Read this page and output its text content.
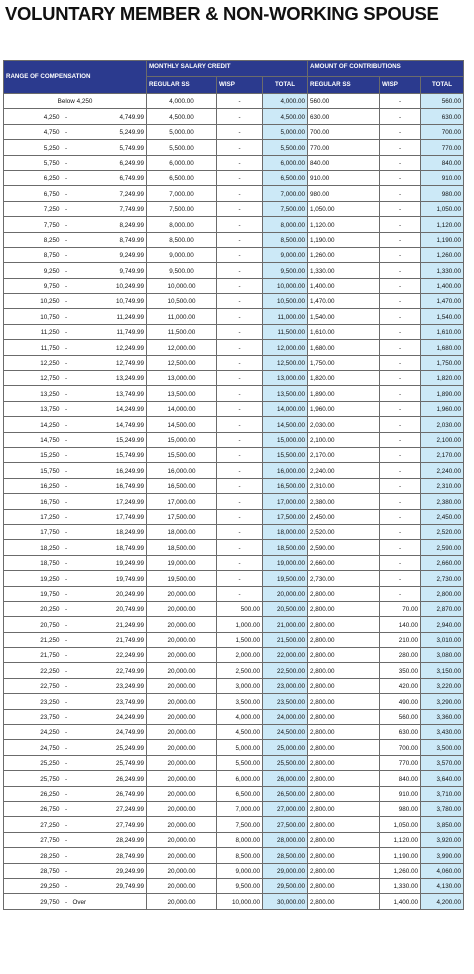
VOLUNTARY MEMBER & NON-WORKING SPOUSE
RANGE OF COMPENSATION			MONTHLY SALARY CREDIT			AMOUNT OF CONTRIBUTIONS		
			REGULAR SS	WISP	TOTAL	REGULAR SS	WISP	TOTAL
Below 4,250			4,000.00	-	4,000.00	560.00	-	560.00
4,250	-	4,749.99	4,500.00	-	4,500.00	630.00	-	630.00
4,750	-	5,249.99	5,000.00	-	5,000.00	700.00	-	700.00
5,250	-	5,749.99	5,500.00	-	5,500.00	770.00	-	770.00
5,750	-	6,249.99	6,000.00	-	6,000.00	840.00	-	840.00
6,250	-	6,749.99	6,500.00	-	6,500.00	910.00	-	910.00
6,750	-	7,249.99	7,000.00	-	7,000.00	980.00	-	980.00
7,250	-	7,749.99	7,500.00	-	7,500.00	1,050.00	-	1,050.00
7,750	-	8,249.99	8,000.00	-	8,000.00	1,120.00	-	1,120.00
8,250	-	8,749.99	8,500.00	-	8,500.00	1,190.00	-	1,190.00
8,750	-	9,249.99	9,000.00	-	9,000.00	1,260.00	-	1,260.00
9,250	-	9,749.99	9,500.00	-	9,500.00	1,330.00	-	1,330.00
9,750	-	10,249.99	10,000.00	-	10,000.00	1,400.00	-	1,400.00
10,250	-	10,749.99	10,500.00	-	10,500.00	1,470.00	-	1,470.00
10,750	-	11,249.99	11,000.00	-	11,000.00	1,540.00	-	1,540.00
11,250	-	11,749.99	11,500.00	-	11,500.00	1,610.00	-	1,610.00
11,750	-	12,249.99	12,000.00	-	12,000.00	1,680.00	-	1,680.00
12,250	-	12,749.99	12,500.00	-	12,500.00	1,750.00	-	1,750.00
12,750	-	13,249.99	13,000.00	-	13,000.00	1,820.00	-	1,820.00
13,250	-	13,749.99	13,500.00	-	13,500.00	1,890.00	-	1,890.00
13,750	-	14,249.99	14,000.00	-	14,000.00	1,960.00	-	1,960.00
14,250	-	14,749.99	14,500.00	-	14,500.00	2,030.00	-	2,030.00
14,750	-	15,249.99	15,000.00	-	15,000.00	2,100.00	-	2,100.00
15,250	-	15,749.99	15,500.00	-	15,500.00	2,170.00	-	2,170.00
15,750	-	16,249.99	16,000.00	-	16,000.00	2,240.00	-	2,240.00
16,250	-	16,749.99	16,500.00	-	16,500.00	2,310.00	-	2,310.00
16,750	-	17,249.99	17,000.00	-	17,000.00	2,380.00	-	2,380.00
17,250	-	17,749.99	17,500.00	-	17,500.00	2,450.00	-	2,450.00
17,750	-	18,249.99	18,000.00	-	18,000.00	2,520.00	-	2,520.00
18,250	-	18,749.99	18,500.00	-	18,500.00	2,590.00	-	2,590.00
18,750	-	19,249.99	19,000.00	-	19,000.00	2,660.00	-	2,660.00
19,250	-	19,749.99	19,500.00	-	19,500.00	2,730.00	-	2,730.00
19,750	-	20,249.99	20,000.00	-	20,000.00	2,800.00	-	2,800.00
20,250	-	20,749.99	20,000.00	500.00	20,500.00	2,800.00	70.00	2,870.00
20,750	-	21,249.99	20,000.00	1,000.00	21,000.00	2,800.00	140.00	2,940.00
21,250	-	21,749.99	20,000.00	1,500.00	21,500.00	2,800.00	210.00	3,010.00
21,750	-	22,249.99	20,000.00	2,000.00	22,000.00	2,800.00	280.00	3,080.00
22,250	-	22,749.99	20,000.00	2,500.00	22,500.00	2,800.00	350.00	3,150.00
22,750	-	23,249.99	20,000.00	3,000.00	23,000.00	2,800.00	420.00	3,220.00
23,250	-	23,749.99	20,000.00	3,500.00	23,500.00	2,800.00	490.00	3,290.00
23,750	-	24,249.99	20,000.00	4,000.00	24,000.00	2,800.00	560.00	3,360.00
24,250	-	24,749.99	20,000.00	4,500.00	24,500.00	2,800.00	630.00	3,430.00
24,750	-	25,249.99	20,000.00	5,000.00	25,000.00	2,800.00	700.00	3,500.00
25,250	-	25,749.99	20,000.00	5,500.00	25,500.00	2,800.00	770.00	3,570.00
25,750	-	26,249.99	20,000.00	6,000.00	26,000.00	2,800.00	840.00	3,640.00
26,250	-	26,749.99	20,000.00	6,500.00	26,500.00	2,800.00	910.00	3,710.00
26,750	-	27,249.99	20,000.00	7,000.00	27,000.00	2,800.00	980.00	3,780.00
27,250	-	27,749.99	20,000.00	7,500.00	27,500.00	2,800.00	1,050.00	3,850.00
27,750	-	28,249.99	20,000.00	8,000.00	28,000.00	2,800.00	1,120.00	3,920.00
28,250	-	28,749.99	20,000.00	8,500.00	28,500.00	2,800.00	1,190.00	3,990.00
28,750	-	29,249.99	20,000.00	9,000.00	29,000.00	2,800.00	1,260.00	4,060.00
29,250	-	29,749.99	20,000.00	9,500.00	29,500.00	2,800.00	1,330.00	4,130.00
29,750	-	Over	20,000.00	10,000.00	30,000.00	2,800.00	1,400.00	4,200.00
